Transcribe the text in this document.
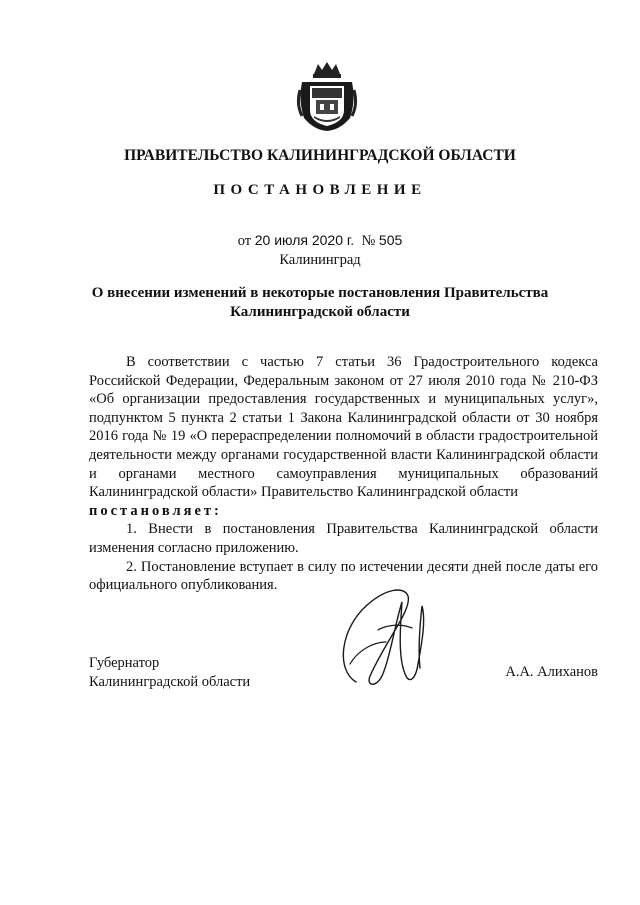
ПРАВИТЕЛЬСТВО КАЛИНИНГРАДСКОЙ ОБЛАСТИ
ПОСТАНОВЛЕНИЕ
от 20 июля 2020 г. № 505
Калининград
О внесении изменений в некоторые постановления Правительства
Калининградской области

В соответствии с частью 7 статьи 36 Градостроительного кодекса Российской Федерации, Федеральным законом от 27 июля 2010 года № 210-ФЗ «Об организации предоставления государственных и муниципальных услуг», подпунктом 5 пункта 2 статьи 1 Закона Калининградской области от 30 ноября 2016 года № 19 «О перераспределении полномочий в области градостроительной деятельности между органами государственной власти Калининградской области и органами местного самоуправления муниципальных образований Калининградской области» Правительство Калининградской области

постановляет:

1. Внести в постановления Правительства Калининградской области изменения согласно приложению.

2. Постановление вступает в силу по истечении десяти дней после даты его официального опубликования.

Губернатор
Калининградской области
А.А. Алиханов
